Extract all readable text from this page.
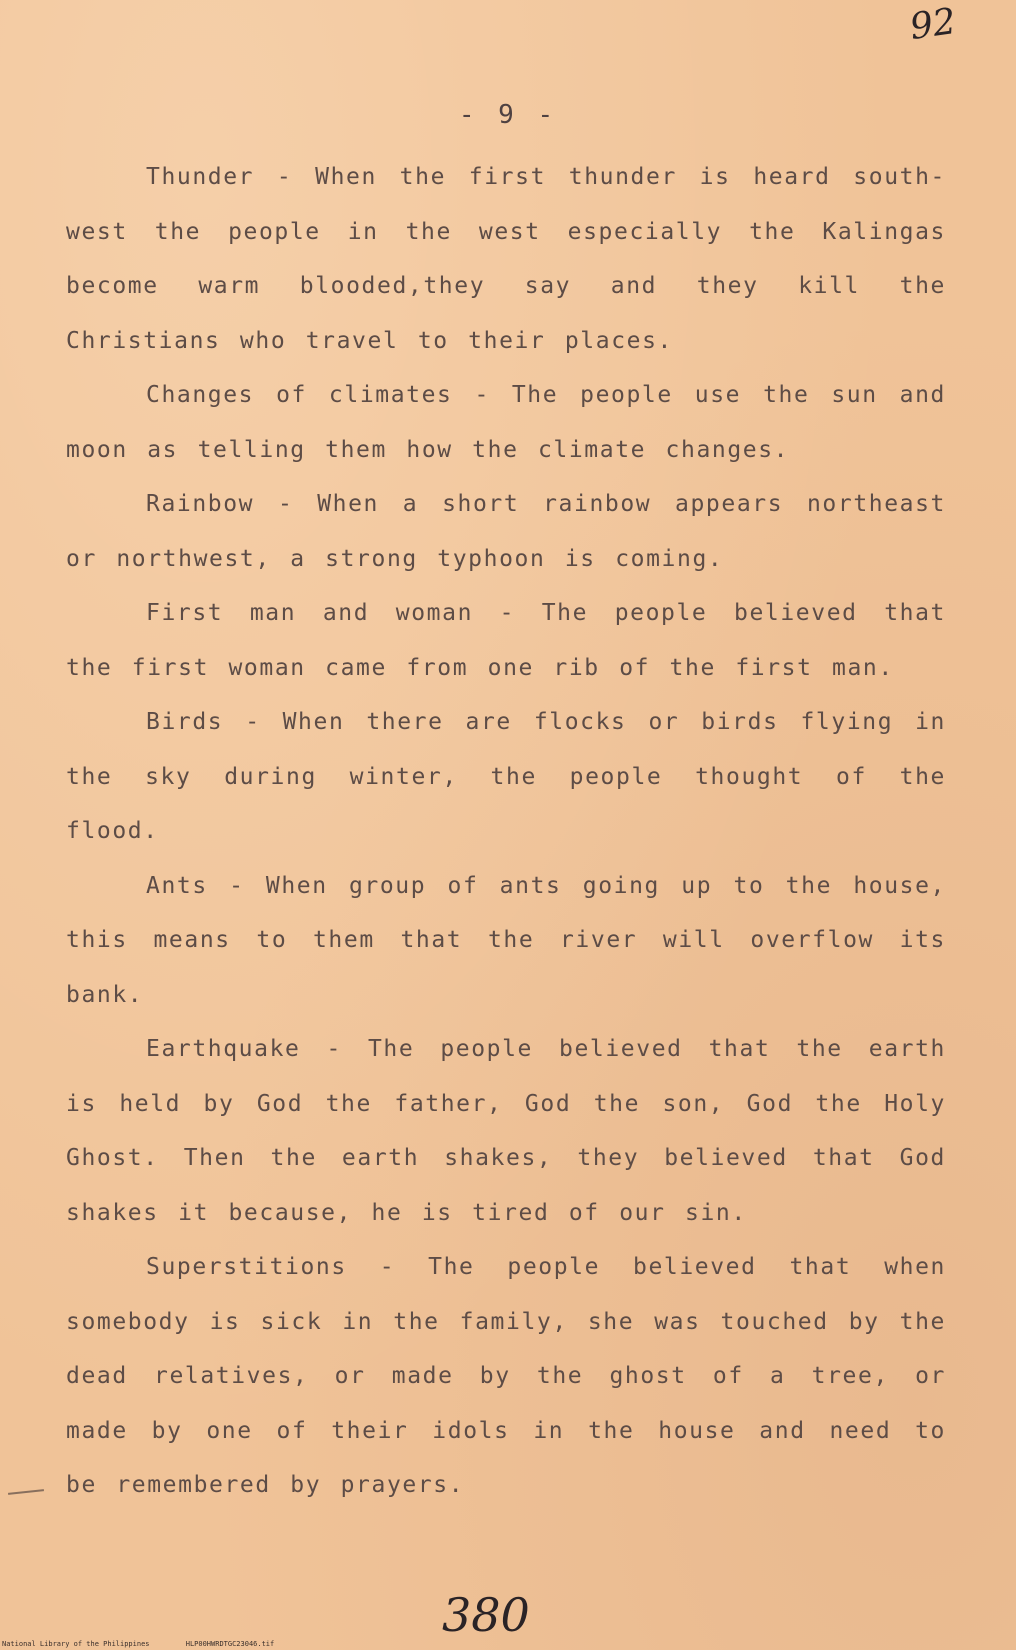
92
- 9 -

Thunder - When the first thunder is heard south-west the people in the west especially the Kalingas become warm blooded,they say and they kill the Christians who travel to their places.

Changes of climates - The people use the sun and moon as telling them how the climate changes.

Rainbow - When a short rainbow appears northeast or northwest, a strong typhoon is coming.

First man and woman - The people believed that the first woman came from one rib of the first man.

Birds - When there are flocks or birds flying in the sky during winter, the people thought of the flood.

Ants - When group of ants going up to the house, this means to them that the river will overflow its bank.

Earthquake - The people believed that the earth is held by God the father, God the son, God the Holy Ghost. Then the earth shakes, they believed that God shakes it because, he is tired of our sin.

Superstitions - The people believed that when somebody is sick in the family, she was touched by the dead relatives, or made by the ghost of a tree, or made by one of their idols in the house and need to be remembered by prayers.

380
National Library of the Philippines	HLP00HWRDTGC23046.tif
